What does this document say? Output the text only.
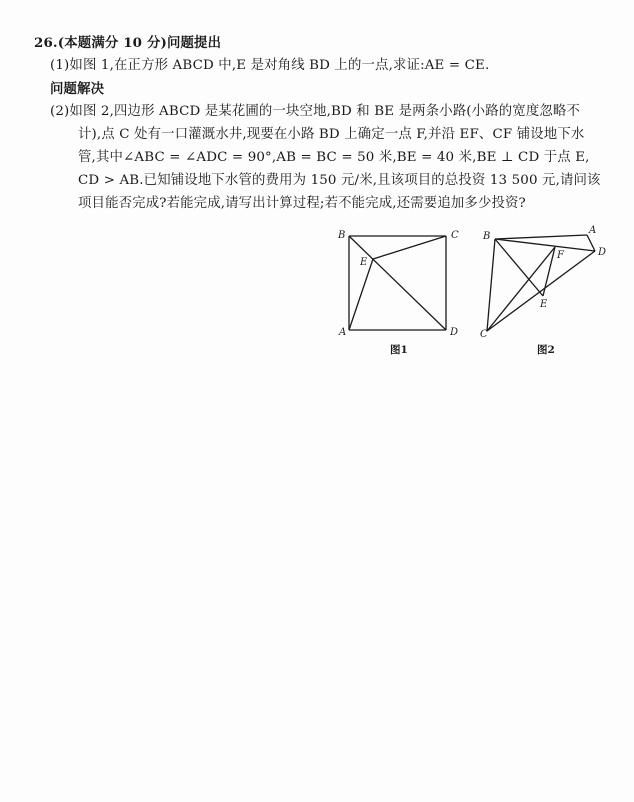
26.(本题满分 10 分)问题提出
(1)如图 1,在正方形 ABCD 中,E 是对角线 BD 上的一点,求证:AE = CE.
问题解决
(2)如图 2,四边形 ABCD 是某花圃的一块空地,BD 和 BE 是两条小路(小路的宽度忽略不
计),点 C 处有一口灌溉水井,现要在小路 BD 上确定一点 F,并沿 EF、CF 铺设地下水
管,其中∠ABC = ∠ADC = 90°,AB = BC = 50 米,BE = 40 米,BE ⊥ CD 于点 E,
CD > AB.已知铺设地下水管的费用为 150 元/米,且该项目的总投资 13 500 元,请问该
项目能否完成?若能完成,请写出计算过程;若不能完成,还需要追加多少投资?
B	C
E
A	D
图1
B
A
F	D
E
C
图2
